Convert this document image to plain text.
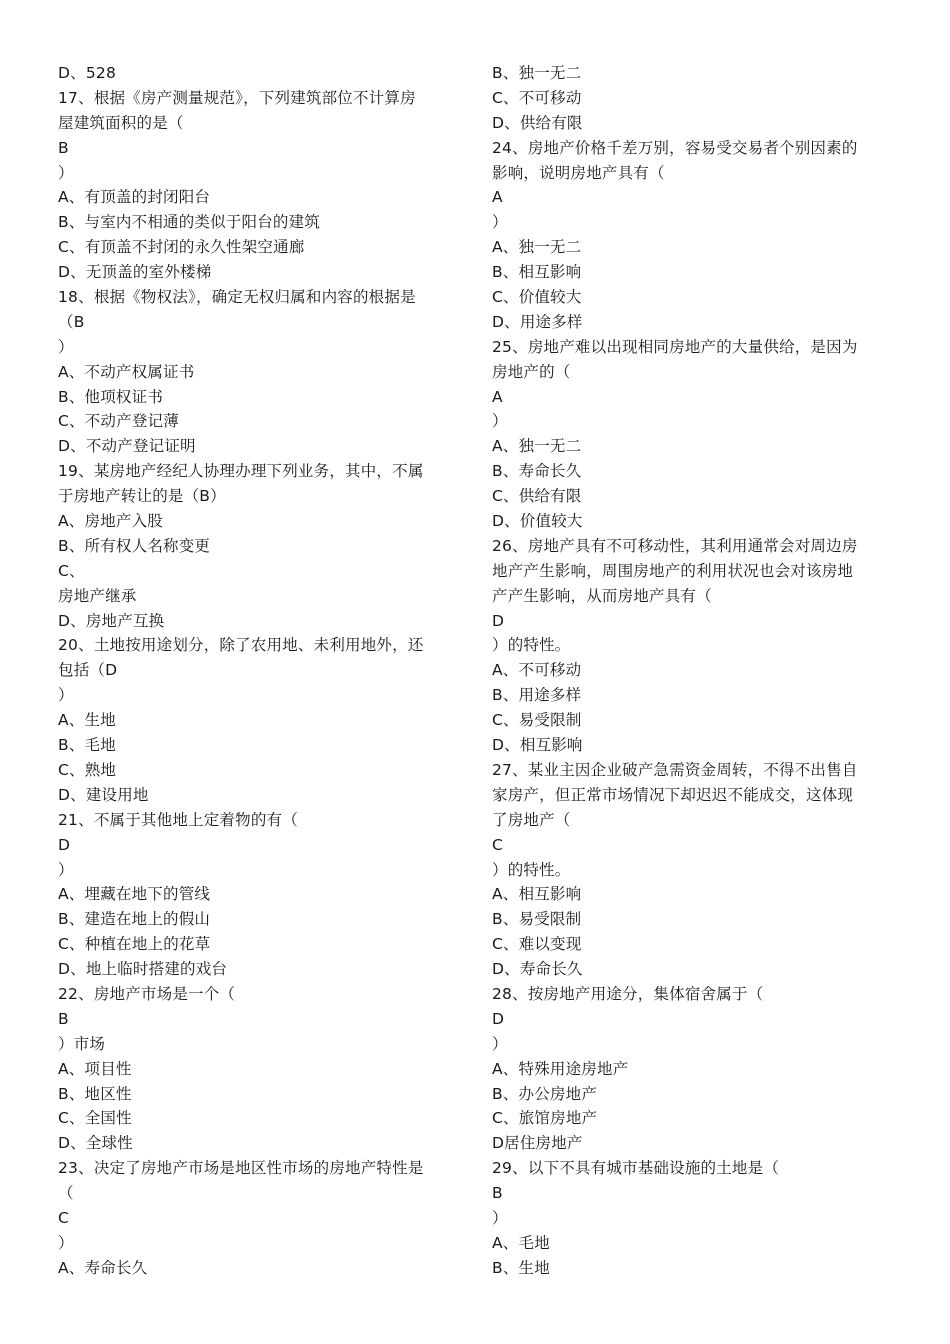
D、528
17、根据《房产测量规范》，下列建筑部位不计算房
屋建筑面积的是（
B
）
A、有顶盖的封闭阳台
B、与室内不相通的类似于阳台的建筑
C、有顶盖不封闭的永久性架空通廊
D、无顶盖的室外楼梯
18、根据《物权法》，确定无权归属和内容的根据是
（B
）
A、不动产权属证书
B、他项权证书
C、不动产登记薄
D、不动产登记证明
19、某房地产经纪人协理办理下列业务，其中，不属
于房地产转让的是（B）
A、房地产入股
B、所有权人名称变更
C、
房地产继承
D、房地产互换
20、土地按用途划分，除了农用地、未利用地外，还
包括（D
）
A、生地
B、毛地
C、熟地
D、建设用地
21、不属于其他地上定着物的有（
D
）
A、埋藏在地下的管线
B、建造在地上的假山
C、种植在地上的花草
D、地上临时搭建的戏台
22、房地产市场是一个（
B
）市场
A、项目性
B、地区性
C、全国性
D、全球性
23、决定了房地产市场是地区性市场的房地产特性是
（
C
）
A、寿命长久
B、独一无二
C、不可移动
D、供给有限
24、房地产价格千差万别，容易受交易者个别因素的
影响，说明房地产具有（
A
）
A、独一无二
B、相互影响
C、价值较大
D、用途多样
25、房地产难以出现相同房地产的大量供给，是因为
房地产的（
A
）
A、独一无二
B、寿命长久
C、供给有限
D、价值较大
26、房地产具有不可移动性，其利用通常会对周边房
地产产生影响，周围房地产的利用状况也会对该房地
产产生影响，从而房地产具有（
D
）的特性。
A、不可移动
B、用途多样
C、易受限制
D、相互影响
27、某业主因企业破产急需资金周转，不得不出售自
家房产，但正常市场情况下却迟迟不能成交，这体现
了房地产（
C
）的特性。
A、相互影响
B、易受限制
C、难以变现
D、寿命长久
28、按房地产用途分，集体宿舍属于（
D
）
A、特殊用途房地产
B、办公房地产
C、旅馆房地产
D居住房地产
29、以下不具有城市基础设施的土地是（
B
）
A、毛地
B、生地
